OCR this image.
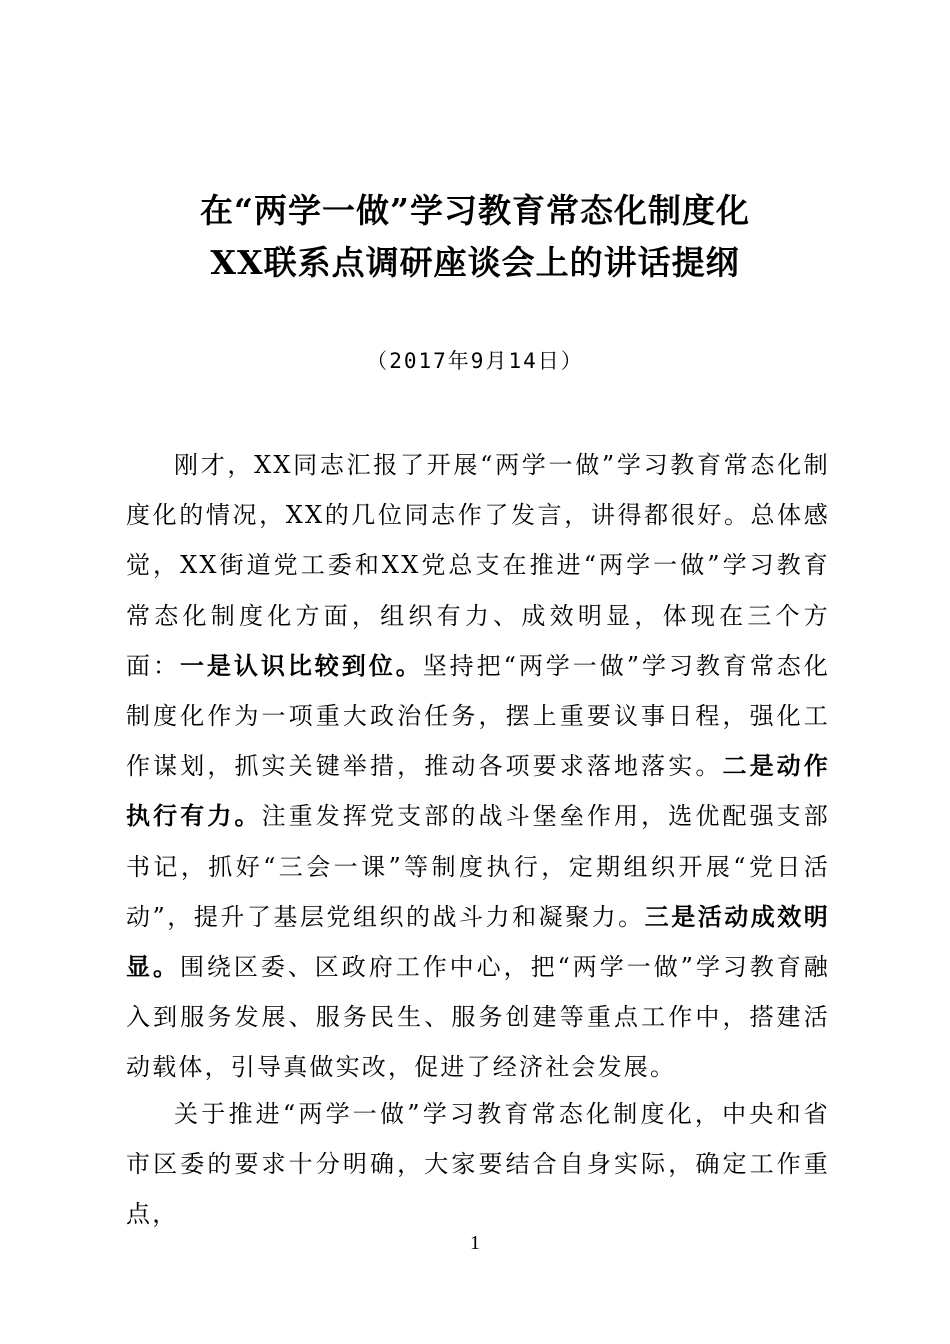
在“两学一做”学习教育常态化制度化
XX联系点调研座谈会上的讲话提纲
（2017年9月14日）

刚才，XX同志汇报了开展“两学一做”学习教育常态化制度化的情况，XX的几位同志作了发言，讲得都很好。总体感觉，XX街道党工委和XX党总支在推进“两学一做”学习教育常态化制度化方面，组织有力、成效明显，体现在三个方面：一是认识比较到位。坚持把“两学一做”学习教育常态化制度化作为一项重大政治任务，摆上重要议事日程，强化工作谋划，抓实关键举措，推动各项要求落地落实。二是动作执行有力。注重发挥党支部的战斗堡垒作用，选优配强支部书记，抓好“三会一课”等制度执行，定期组织开展“党日活动”，提升了基层党组织的战斗力和凝聚力。三是活动成效明显。围绕区委、区政府工作中心，把“两学一做”学习教育融入到服务发展、服务民生、服务创建等重点工作中，搭建活动载体，引导真做实改，促进了经济社会发展。

关于推进“两学一做”学习教育常态化制度化，中央和省市区委的要求十分明确，大家要结合自身实际，确定工作重点，

1
